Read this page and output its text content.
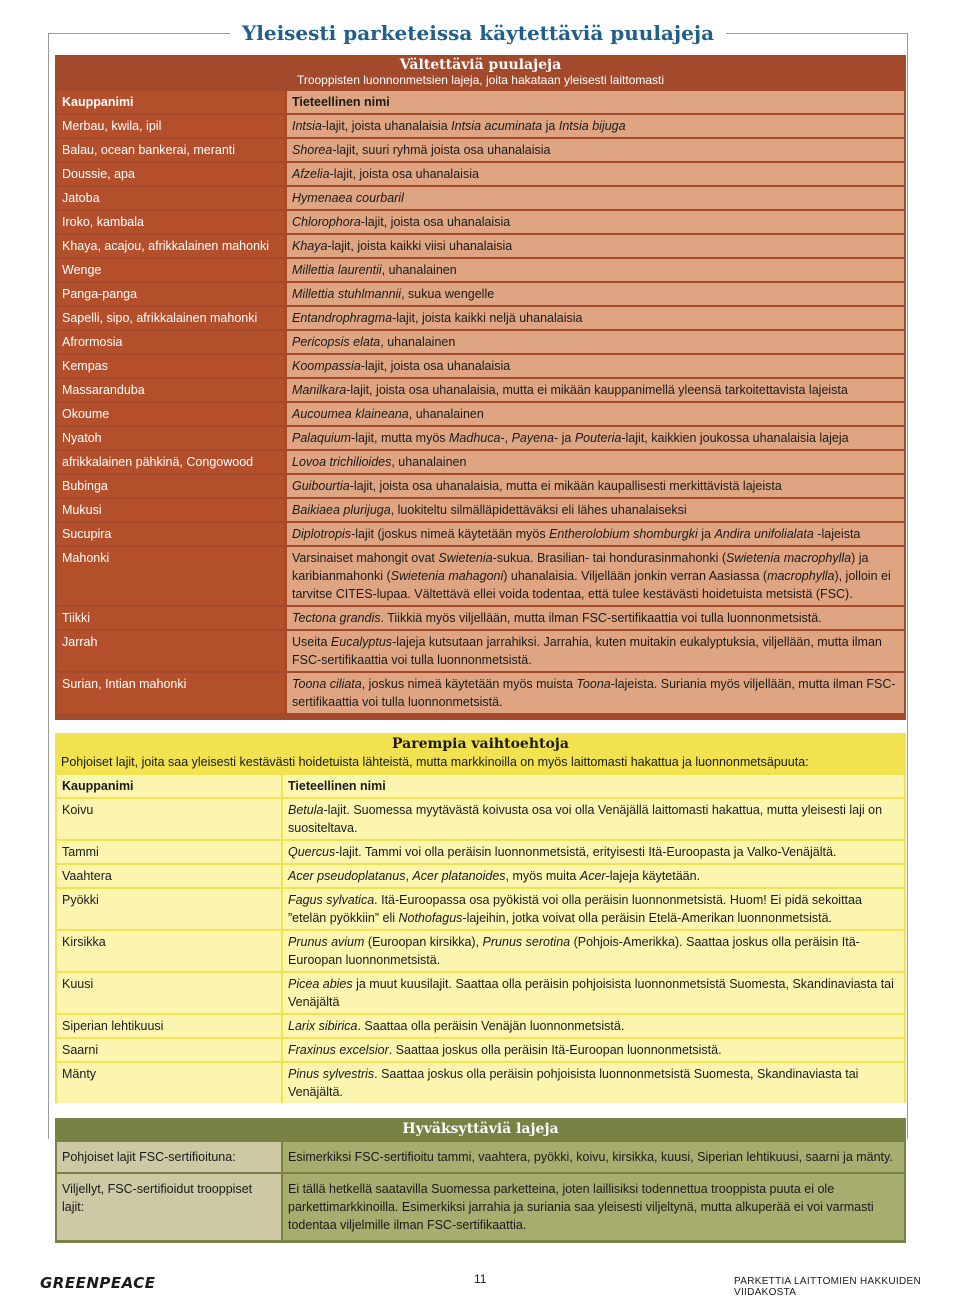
Yleisesti parketeissa käytettäviä puulajeja
Vältettäviä puulajeja
Trooppisten luonnonmetsien lajeja, joita hakataan yleisesti laittomasti
Kauppanimi	Tieteellinen nimi
Merbau, kwila, ipil	Intsia-lajit, joista uhanalaisia Intsia acuminata ja Intsia bijuga
Balau, ocean bankerai, meranti	Shorea-lajit, suuri ryhmä joista osa uhanalaisia
Doussie, apa	Afzelia-lajit, joista osa uhanalaisia
Jatoba	Hymenaea courbaril
Iroko, kambala	Chlorophora-lajit, joista osa uhanalaisia
Khaya, acajou, afrikkalainen mahonki	Khaya-lajit, joista kaikki viisi uhanalaisia
Wenge	Millettia laurentii, uhanalainen
Panga-panga	Millettia stuhlmannii, sukua wengelle
Sapelli, sipo, afrikkalainen mahonki	Entandrophragma-lajit, joista kaikki neljä uhanalaisia
Afrormosia	Pericopsis elata, uhanalainen
Kempas	Koompassia-lajit, joista osa uhanalaisia
Massaranduba	Manilkara-lajit, joista osa uhanalaisia, mutta ei mikään kauppanimellä yleensä tarkoitettavista lajeista
Okoume	Aucoumea klaineana, uhanalainen
Nyatoh	Palaquium-lajit, mutta myös Madhuca-, Payena- ja Pouteria-lajit, kaikkien joukossa uhanalaisia lajeja
afrikkalainen pähkinä, Congowood	Lovoa trichilioides, uhanalainen
Bubinga	Guibourtia-lajit, joista osa uhanalaisia, mutta ei mikään kaupallisesti merkittävistä lajeista
Mukusi	Baikiaea plurijuga, luokiteltu silmälläpidettäväksi eli lähes uhanalaiseksi
Sucupira	Diplotropis-lajit (joskus nimeä käytetään myös Entherolobium shomburgki ja Andira unifolialata -lajeista
Mahonki	Varsinaiset mahongit ovat Swietenia-sukua. Brasilian- tai hondurasinmahonki (Swietenia macrophylla) ja karibianmahonki (Swietenia mahagoni) uhanalaisia. Viljellään jonkin verran Aasiassa (macrophylla), jolloin ei tarvitse CITES-lupaa. Vältettävä ellei voida todentaa, että tulee kestävästi hoidetuista metsistä (FSC).
Tiikki	Tectona grandis. Tiikkiä myös viljellään, mutta ilman FSC-sertifikaattia voi tulla luonnonmetsistä.
Jarrah	Useita Eucalyptus-lajeja kutsutaan jarrahiksi. Jarrahia, kuten muitakin eukalyptuksia, viljellään, mutta ilman FSC-sertifikaattia voi tulla luonnonmetsistä.
Surian, Intian mahonki	Toona ciliata, joskus nimeä käytetään myös muista Toona-lajeista. Suriania myös viljellään, mutta ilman FSC-sertifikaattia voi tulla luonnonmetsistä.
Parempia vaihtoehtoja
Pohjoiset lajit, joita saa yleisesti kestävästi hoidetuista lähteistä, mutta markkinoilla on myös laittomasti hakattua ja luonnonmetsäpuuta:
Kauppanimi	Tieteellinen nimi
Koivu	Betula-lajit. Suomessa myytävästä koivusta osa voi olla Venäjällä laittomasti hakattua, mutta yleisesti laji on suositeltava.
Tammi	Quercus-lajit. Tammi voi olla peräisin luonnonmetsistä, erityisesti Itä-Euroopasta ja Valko-Venäjältä.
Vaahtera	Acer pseudoplatanus, Acer platanoides, myös muita Acer-lajeja käytetään.
Pyökki	Fagus sylvatica. Itä-Euroopassa osa pyökistä voi olla peräisin luonnonmetsistä. Huom! Ei pidä sekoittaa ”etelän pyökkiin” eli Nothofagus-lajeihin, jotka voivat olla peräisin Etelä-Amerikan luonnonmetsistä.
Kirsikka	Prunus avium (Euroopan kirsikka), Prunus serotina (Pohjois-Amerikka). Saattaa joskus olla peräisin Itä-Euroopan luonnonmetsistä.
Kuusi	Picea abies ja muut kuusilajit. Saattaa olla peräisin pohjoisista luonnonmetsistä Suomesta, Skandinaviasta tai Venäjältä
Siperian lehtikuusi	Larix sibirica. Saattaa olla peräisin Venäjän luonnonmetsistä.
Saarni	Fraxinus excelsior. Saattaa joskus olla peräisin Itä-Euroopan luonnonmetsistä.
Mänty	Pinus sylvestris. Saattaa joskus olla peräisin pohjoisista luonnonmetsistä Suomesta, Skandinaviasta tai Venäjältä.
Hyväksyttäviä lajeja
Pohjoiset lajit FSC-sertifioituna:	Esimerkiksi FSC-sertifioitu tammi, vaahtera, pyökki, koivu, kirsikka, kuusi, Siperian lehtikuusi, saarni ja mänty.
Viljellyt, FSC-sertifioidut trooppiset lajit:	Ei tällä hetkellä saatavilla Suomessa parketteina, joten laillisiksi todennettua trooppista puuta ei ole parkettimarkkinoilla. Esimerkiksi jarrahia ja suriania saa yleisesti viljeltynä, mutta alkuperää ei voi varmasti todentaa viljelmille ilman FSC-sertifikaattia.
GREENPEACE	11	PARKETTIA LAITTOMIEN HAKKUIDEN VIIDAKOSTA
